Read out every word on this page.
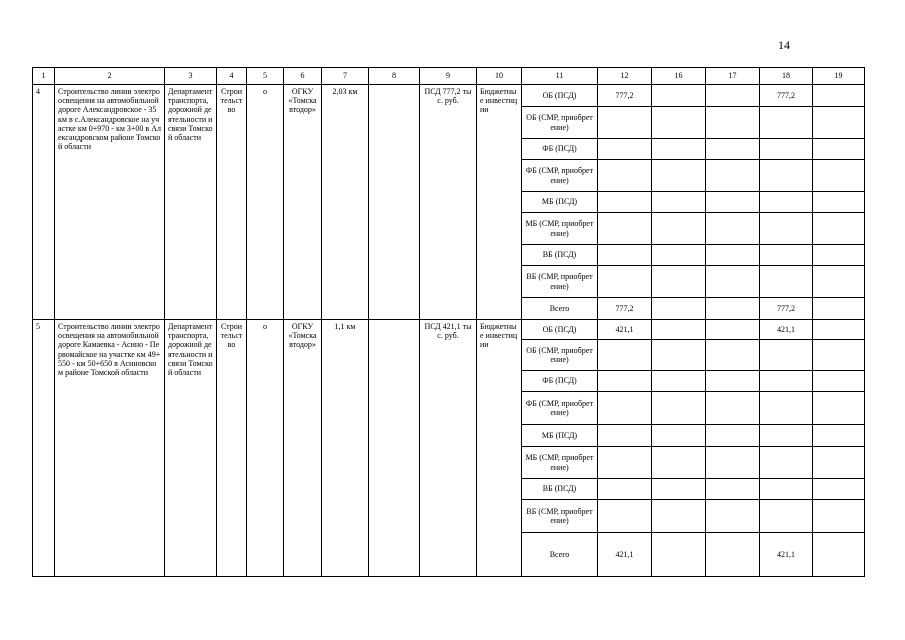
14
1	2	3	4	5	6	7	8	9	10	11	12	16	17	18	19
4	Строительство линии электроосвещения на автомобильной дороге Александровское - 35 км в с.Александровское на участке км 0+970 - км 3+00 в Александровском районе Томской области	Департамент транспорта, дорожной деятельности и связи Томской области	Строительство	о	ОГКУ «Томскавтодор»	2,03 км		ПСД 777,2 тыс. руб.	Бюджетные инвестиции	ОБ (ПСД)	777,2			777,2	
										ОБ (СМР, приобретение)					
										ФБ (ПСД)					
										ФБ (СМР, приобретение)					
										МБ (ПСД)					
										МБ (СМР, приобретение)					
										ВБ (ПСД)					
										ВБ (СМР, приобретение)					
										Всего	777,2			777,2	
5	Строительство линии электроосвещения на автомобильной дороге Камаевка - Асино - Первомайское на участке км 49+550 - км 50+650 в Асиновском районе Томской области	Департамент транспорта, дорожной деятельности и связи Томской области	Строительство	о	ОГКУ «Томскавтодор»	1,1 км		ПСД 421,1 тыс. руб.	Бюджетные инвестиции	ОБ (ПСД)	421,1			421,1	
										ОБ (СМР, приобретение)					
										ФБ (ПСД)					
										ФБ (СМР, приобретение)					
										МБ (ПСД)					
										МБ (СМР, приобретение)					
										ВБ (ПСД)					
										ВБ (СМР, приобретение)					
										Всего	421,1			421,1	
